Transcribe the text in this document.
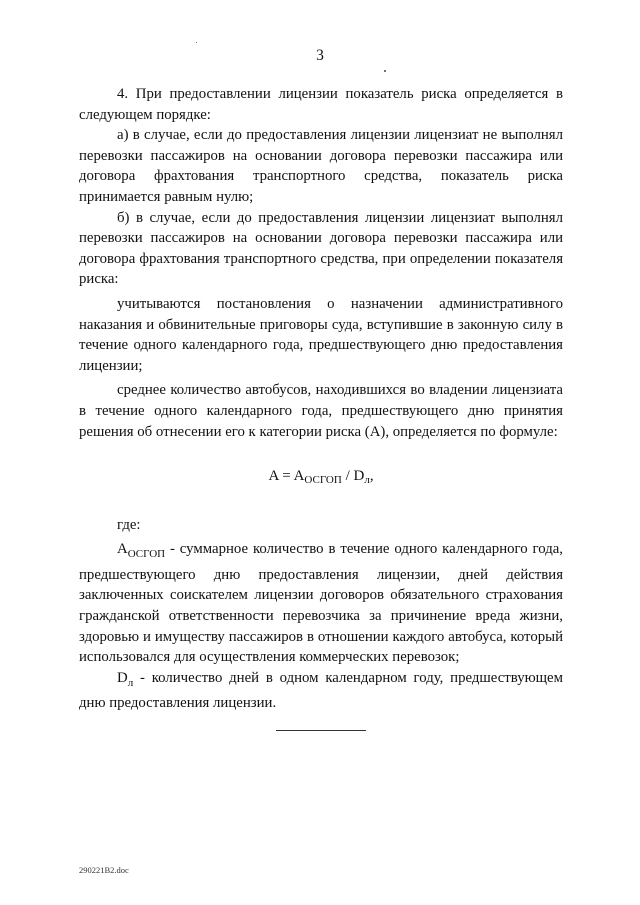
3

4. При предоставлении лицензии показатель риска определяется в следующем порядке:

а) в случае, если до предоставления лицензии лицензиат не выполнял перевозки пассажиров на основании договора перевозки пассажира или договора фрахтования транспортного средства, показатель риска принимается равным нулю;

б) в случае, если до предоставления лицензии лицензиат выполнял перевозки пассажиров на основании договора перевозки пассажира или договора фрахтования транспортного средства, при определении показателя риска:

учитываются постановления о назначении административного наказания и обвинительные приговоры суда, вступившие в законную силу в течение одного календарного года, предшествующего дню предоставления лицензии;

среднее количество автобусов, находившихся во владении лицензиата в течение одного календарного года, предшествующего дню принятия решения об отнесении его к категории риска (А), определяется по формуле:

$A = A_{ОСГОП} / D_л$,

где:

$A_{ОСГОП}$ - суммарное количество в течение одного календарного года, предшествующего дню предоставления лицензии, дней действия заключенных соискателем лицензии договоров обязательного страхования гражданской ответственности перевозчика за причинение вреда жизни, здоровью и имуществу пассажиров в отношении каждого автобуса, который использовался для осуществления коммерческих перевозок;

$D_л$ - количество дней в одном календарном году, предшествующем дню предоставления лицензии.

290221B2.doc
